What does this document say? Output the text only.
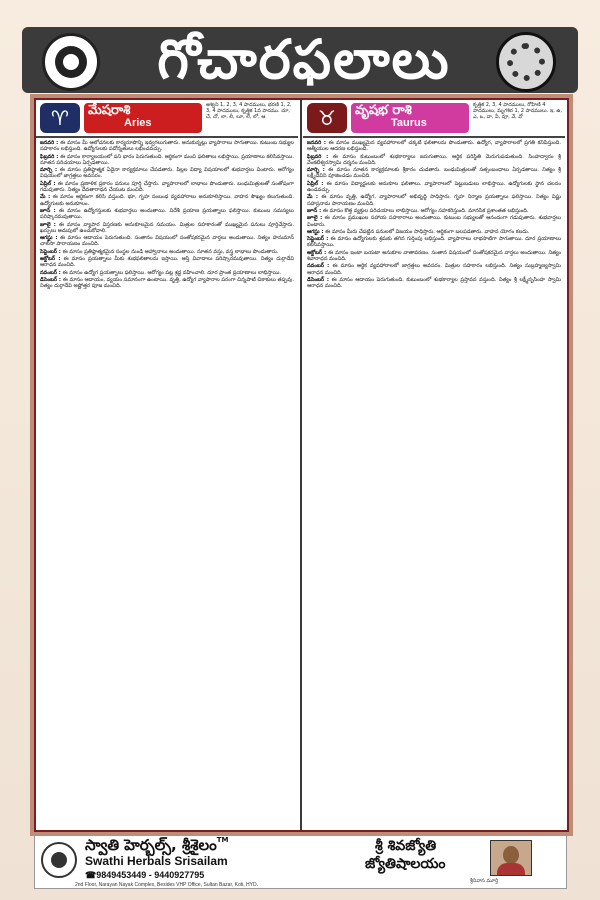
గోచారఫలాలు
♈	మేషరాశి
Aries
అశ్విని 1, 2, 3, 4 పాదములు, భరణి 1, 2, 3, 4 పాదములు, కృత్తిక 1వ పాదము. చూ, చే, చో, లా, లీ, లూ, లే, లో, ఆ

జనవరి : ఈ మాసం మీ ఆలోచనలకు కార్యరూపొన్ని ఇవ్వగలుగుతారు. అనుకున్నట్లు వ్యాపారాలు సాగుతాయి. కుటుంబ సభ్యుల సహకారం లభిస్తుంది. ఉద్యోగులకు పదోన్నతులు లభించవచ్చు.

ఫిబ్రవరి : ఈ మాసం కార్యాలయంలో పని భారం పెరుగుతుంది. ఆర్థికంగా మంచి ఫలితాలు లభిస్తాయి. ప్రయాణాలు కలిసివస్తాయి. నూతన పరిచయాలు ఏర్పడతాయి.

మార్చి : ఈ మాసం ప్రతిష్ఠాత్మక ఏదైనా కార్యక్రమాలు చేపడతారు. పిల్లల విద్యా విషయాలలో శుభవార్తలు వింటారు. ఆరోగ్యం విషయంలో జాగ్రత్తలు అవసరం.

ఏప్రిల్ : ఈ మాసం ప్రణాళిక ప్రకారం పనులు పూర్తి చేస్తారు. వ్యాపారాలలో లాభాలు పొందుతారు. బంధుమిత్రులతో సంతోషంగా గడుపుతారు. నిత్యం దేవతారాధన చేయుట మంచిది.

మే : ఈ మాసం ఆర్థికంగా కలిసి వస్తుంది. భూ, గృహ సంబంధ వ్యవహారాలు అనుకూలిస్తాయి. వాహన సౌఖ్యం కలుగుతుంది. ఉద్యోగులకు అనుకూలం.

జూన్ : ఈ మాసం ఉద్యోగస్తులకు శుభవార్తలు అందుతాయి. విదేశీ ప్రయాణ ప్రయత్నాలు ఫలిస్తాయి. కుటుంబ సమస్యలు పరిష్కారమవుతాయి.

జూలై : ఈ మాసం వ్యాపార విస్తరణకు అనుకూలమైన సమయం. మిత్రుల సహకారంతో ముఖ్యమైన పనులు పూర్తిచేస్తారు. ఖర్చులు అదుపులో ఉంచుకోవాలి.

ఆగస్టు : ఈ మాసం ఆదాయం పెరుగుతుంది. సంతానం విషయంలో సంతోషకరమైన వార్తలు అందుతాయి. నిత్యం హనుమాన్ చాలీసా పారాయణం మంచిది.

సెప్టెంబర్ : ఈ మాసం ప్రతిష్ఠాత్మకమైన సంస్థల నుండి ఆహ్వానాలు అందుతాయి. నూతన వస్తు, వస్త్ర లాభాలు పొందుతారు.

అక్టోబర్ : ఈ మాసం ప్రయత్నాలు మీకు శుభఫలితాలను ఇస్తాయి. ఆస్తి వివాదాలు పరిష్కారమవుతాయి. నిత్యం దుర్గాదేవి ఆరాధన మంచిది.

నవంబర్ : ఈ మాసం ఉద్యోగ ప్రయత్నాలు ఫలిస్తాయి. ఆరోగ్యం పట్ల శ్రద్ధ వహించాలి. దూర ప్రాంత ప్రయాణాలు లాభిస్తాయి.

డిసెంబర్ : ఈ మాసం ఆదాయం, వ్యయం సమానంగా ఉంటాయి. వృత్తి, ఉద్యోగ వ్యాపారాల పరంగా చిన్నపాటి చికాకులు తప్పవు. నిత్యం దుర్గాదేవి అష్టోత్తర పూజ మంచిది.

♉	వృషభ రాశి
Taurus
కృత్తిక 2, 3, 4 పాదములు, రోహిణి 4 పాదములు, మృగశిర 1, 2 పాదములు. ఇ, ఉ, ఎ, ఒ, వా, వీ, వూ, వే, వో

జనవరి : ఈ మాసం ముఖ్యమైన వ్యవహారాలలో చక్కటి ఫలితాలను పొందుతారు. ఉద్యోగ, వ్యాపారాలలో ప్రగతి కనిపిస్తుంది. ఆత్మీయుల ఆదరణ లభిస్తుంది.

ఫిబ్రవరి : ఈ మాసం కుటుంబంలో శుభకార్యాలు జరుగుతాయి. ఆర్థిక పరిస్థితి మెరుగుపడుతుంది. సింహద్వారం శ్రీ వేంకటేశ్వరస్వామి దర్శనం మంచిది.

మార్చి : ఈ మాసం నూతన కార్యక్రమాలకు శ్రీకారం చుడతారు. బంధుమిత్రులతో సత్సంబంధాలు ఏర్పడతాయి. నిత్యం శ్రీ లక్ష్మీదేవిని పూజించడం మంచిది.

ఏప్రిల్ : ఈ మాసం విద్యార్థులకు అనుకూల ఫలితాలు. వ్యాపారాలలో పెట్టుబడులు లాభిస్తాయి. ఉద్యోగులకు స్థాన చలనం ఉండవచ్చు.

మే : ఈ మాసం వృత్తి, ఉద్యోగ, వ్యాపారాలలో అభివృద్ధి సాధిస్తారు. గృహ నిర్మాణ ప్రయత్నాలు ఫలిస్తాయి. నిత్యం విష్ణు సహస్రనామ పారాయణం మంచిది.

జూన్ : ఈ మాసం కొత్త వ్యక్తుల పరిచయాలు లాభిస్తాయి. ఆరోగ్యం సహకరిస్తుంది. మానసిక ప్రశాంతత లభిస్తుంది.

జూలై : ఈ మాసం ప్రముఖుల సహాయ సహకారాలు అందుతాయి. కుటుంబ సభ్యులతో ఆనందంగా గడుపుతారు. శుభవార్తలు వింటారు.

ఆగస్టు : ఈ మాసం మీరు చేపట్టిన పనులలో విజయం సాధిస్తారు. ఆర్థికంగా బలపడతారు. వాహన యోగం కలదు.

సెప్టెంబర్ : ఈ మాసం ఉద్యోగులకు శ్రమకు తగిన గుర్తింపు లభిస్తుంది. వ్యాపారాలు లాభసాటిగా సాగుతాయి. దూర ప్రయాణాలు కలిసివస్తాయి.

అక్టోబర్ : ఈ మాసం ఇంటా బయటా అనుకూల వాతావరణం. సంతాన విషయంలో సంతోషకరమైన వార్తలు అందుతాయి. నిత్యం శివారాధన మంచిది.

నవంబర్ : ఈ మాసం ఆర్థిక వ్యవహారాలలో జాగ్రత్తలు అవసరం. మిత్రుల సహకారం లభిస్తుంది. నిత్యం సుబ్రహ్మణ్యస్వామి ఆరాధన మంచిది.

డిసెంబర్ : ఈ మాసం ఆదాయం పెరుగుతుంది. కుటుంబంలో శుభకార్యాల ప్రస్తావన వస్తుంది. నిత్యం శ్రీ లక్ష్మీనృసింహ స్వామి ఆరాధన మంచిది.

స్వాతి హెర్బల్స్, శ్రీశైలం™
Swathi Herbals Srisailam
☎9849453449 - 9440927795
2nd Floor, Narayan Nayak Complex, Besides VHP Office, Sultan Bazar, Koti, HYD.
శ్రీ శివజ్యోతి
జ్యోతిషాలయం
శ్రీనివాస మూర్తి
